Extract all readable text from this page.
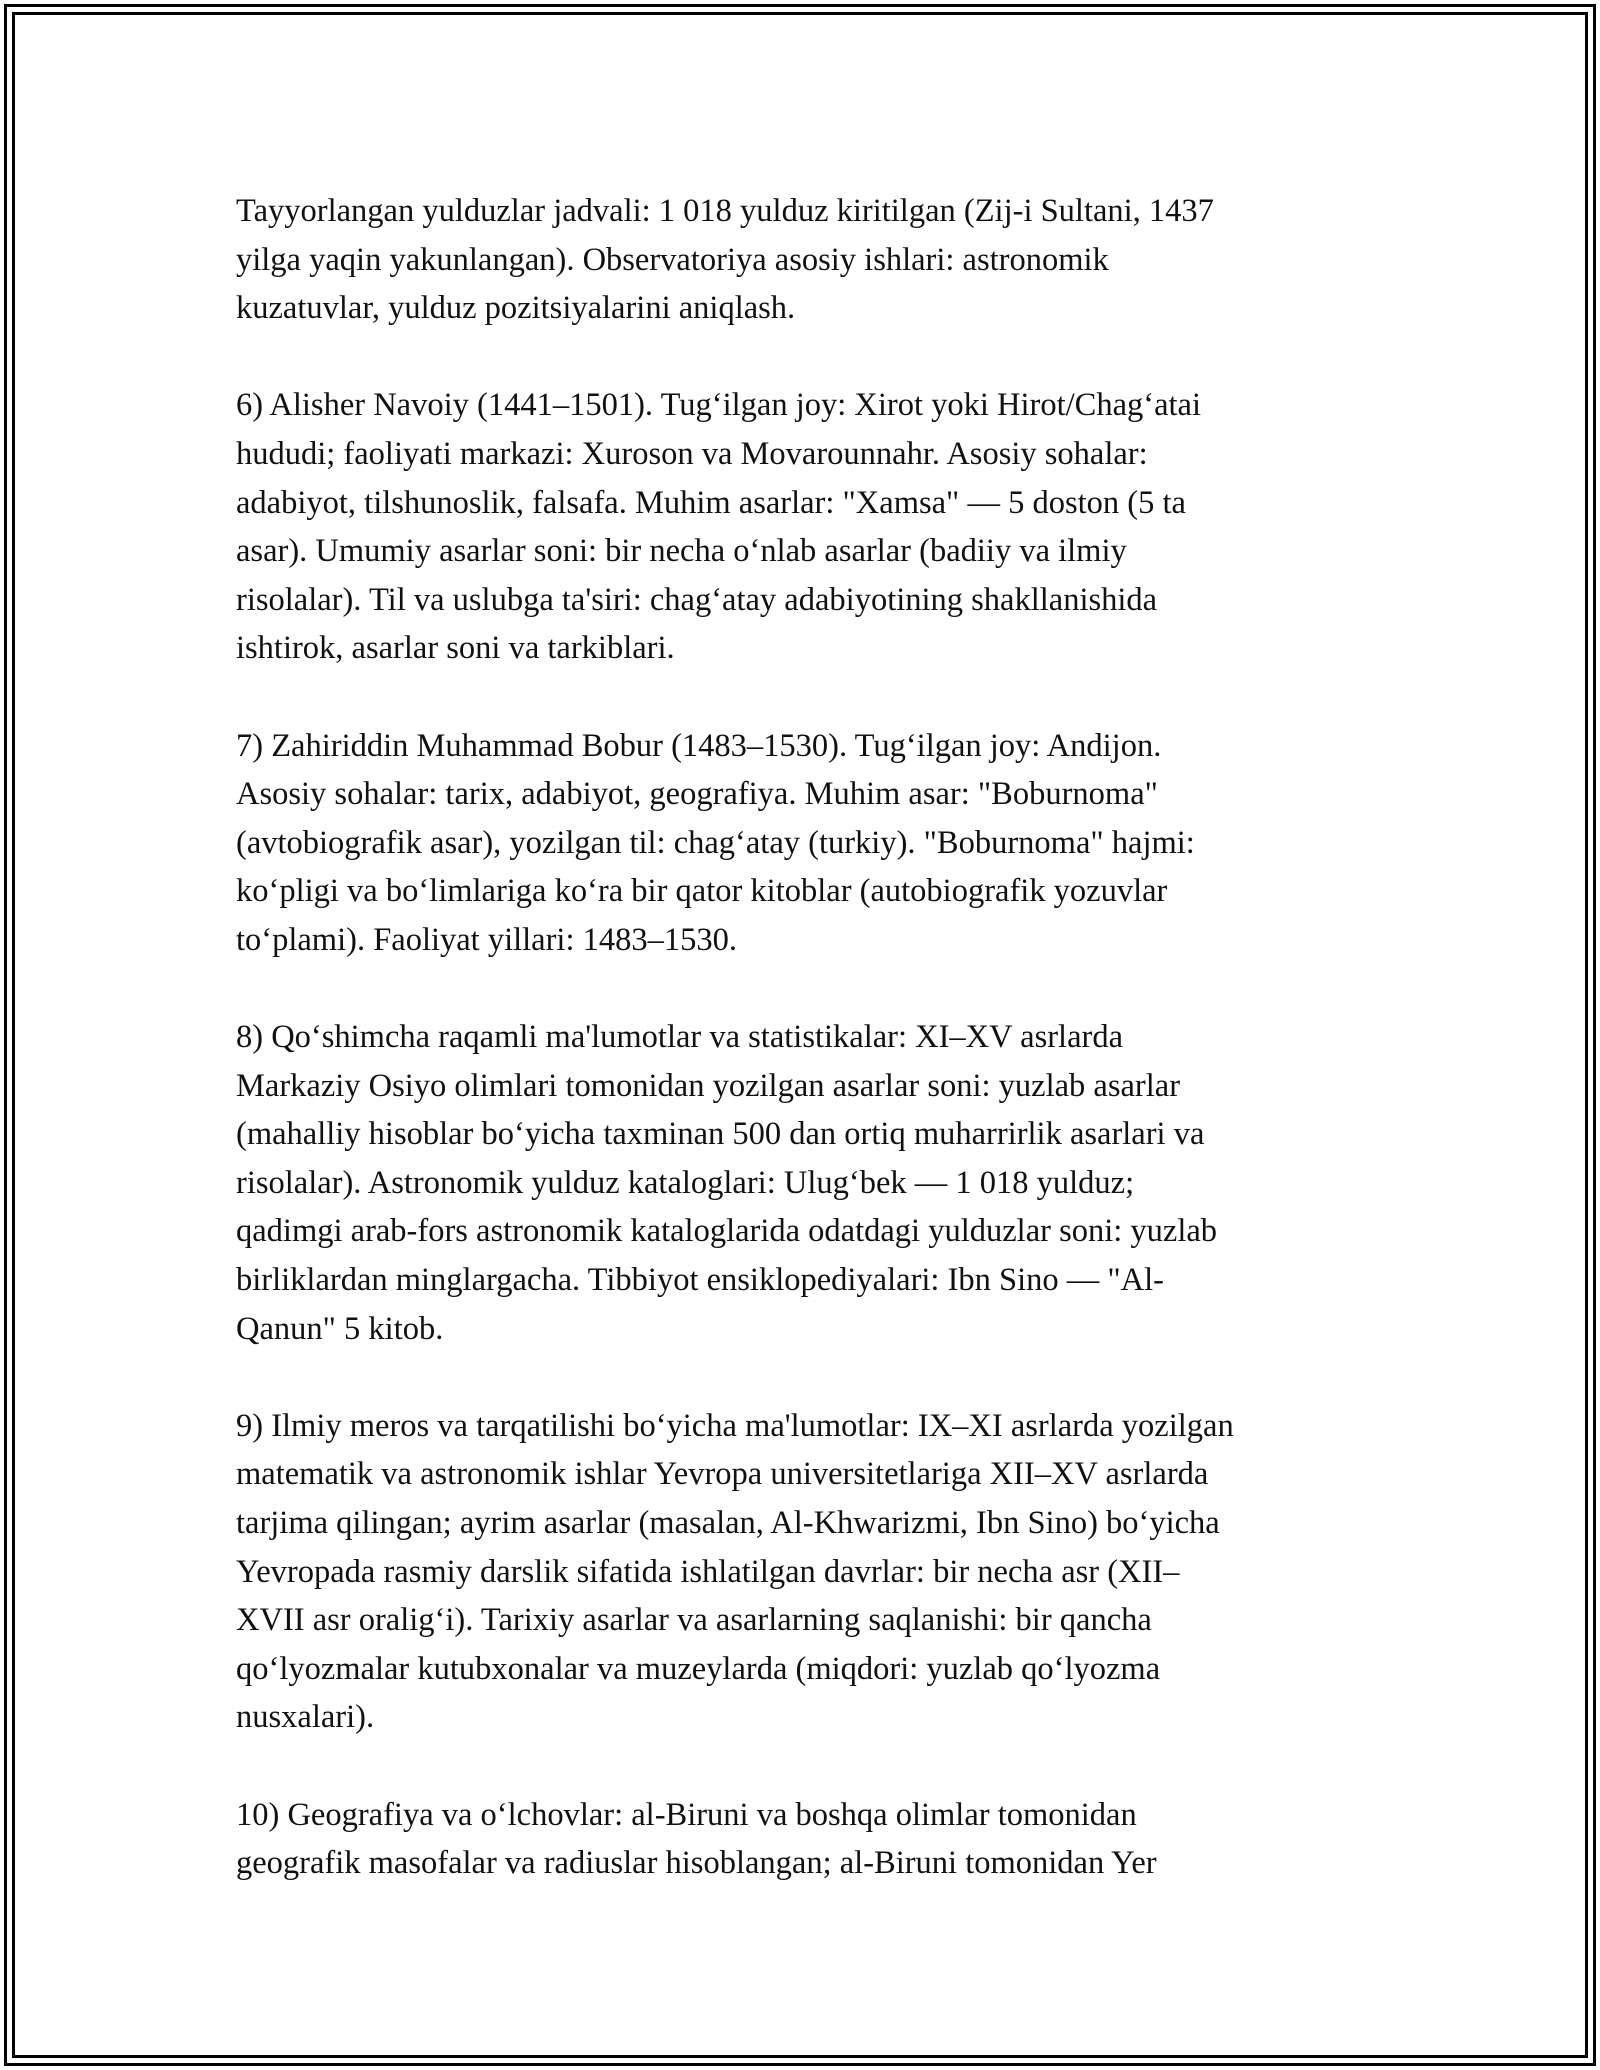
Tayyorlangan yulduzlar jadvali: 1 018 yulduz kiritilgan (Zij-i Sultani, 1437
yilga yaqin yakunlangan). Observatoriya asosiy ishlari: astronomik
kuzatuvlar, yulduz pozitsiyalarini aniqlash.
6) Alisher Navoiy (1441–1501). Tug‘ilgan joy: Xirot yoki Hirot/Chag‘atai
hududi; faoliyati markazi: Xuroson va Movarounnahr. Asosiy sohalar:
adabiyot, tilshunoslik, falsafa. Muhim asarlar: "Xamsa" — 5 doston (5 ta
asar). Umumiy asarlar soni: bir necha o‘nlab asarlar (badiiy va ilmiy
risolalar). Til va uslubga ta'siri: chag‘atay adabiyotining shakllanishida
ishtirok, asarlar soni va tarkiblari.
7) Zahiriddin Muhammad Bobur (1483–1530). Tug‘ilgan joy: Andijon.
Asosiy sohalar: tarix, adabiyot, geografiya. Muhim asar: "Boburnoma"
(avtobiografik asar), yozilgan til: chag‘atay (turkiy). "Boburnoma" hajmi:
ko‘pligi va bo‘limlariga ko‘ra bir qator kitoblar (autobiografik yozuvlar
to‘plami). Faoliyat yillari: 1483–1530.
8) Qo‘shimcha raqamli ma'lumotlar va statistikalar: XI–XV asrlarda
Markaziy Osiyo olimlari tomonidan yozilgan asarlar soni: yuzlab asarlar
(mahalliy hisoblar bo‘yicha taxminan 500 dan ortiq muharrirlik asarlari va
risolalar). Astronomik yulduz kataloglari: Ulug‘bek — 1 018 yulduz;
qadimgi arab-fors astronomik kataloglarida odatdagi yulduzlar soni: yuzlab
birliklardan minglargacha. Tibbiyot ensiklopediyalari: Ibn Sino — "Al-
Qanun" 5 kitob.
9) Ilmiy meros va tarqatilishi bo‘yicha ma'lumotlar: IX–XI asrlarda yozilgan
matematik va astronomik ishlar Yevropa universitetlariga XII–XV asrlarda
tarjima qilingan; ayrim asarlar (masalan, Al-Khwarizmi, Ibn Sino) bo‘yicha
Yevropada rasmiy darslik sifatida ishlatilgan davrlar: bir necha asr (XII–
XVII asr oralig‘i). Tarixiy asarlar va asarlarning saqlanishi: bir qancha
qo‘lyozmalar kutubxonalar va muzeylarda (miqdori: yuzlab qo‘lyozma
nusxalari).
10) Geografiya va o‘lchovlar: al-Biruni va boshqa olimlar tomonidan
geografik masofalar va radiuslar hisoblangan; al-Biruni tomonidan Yer
